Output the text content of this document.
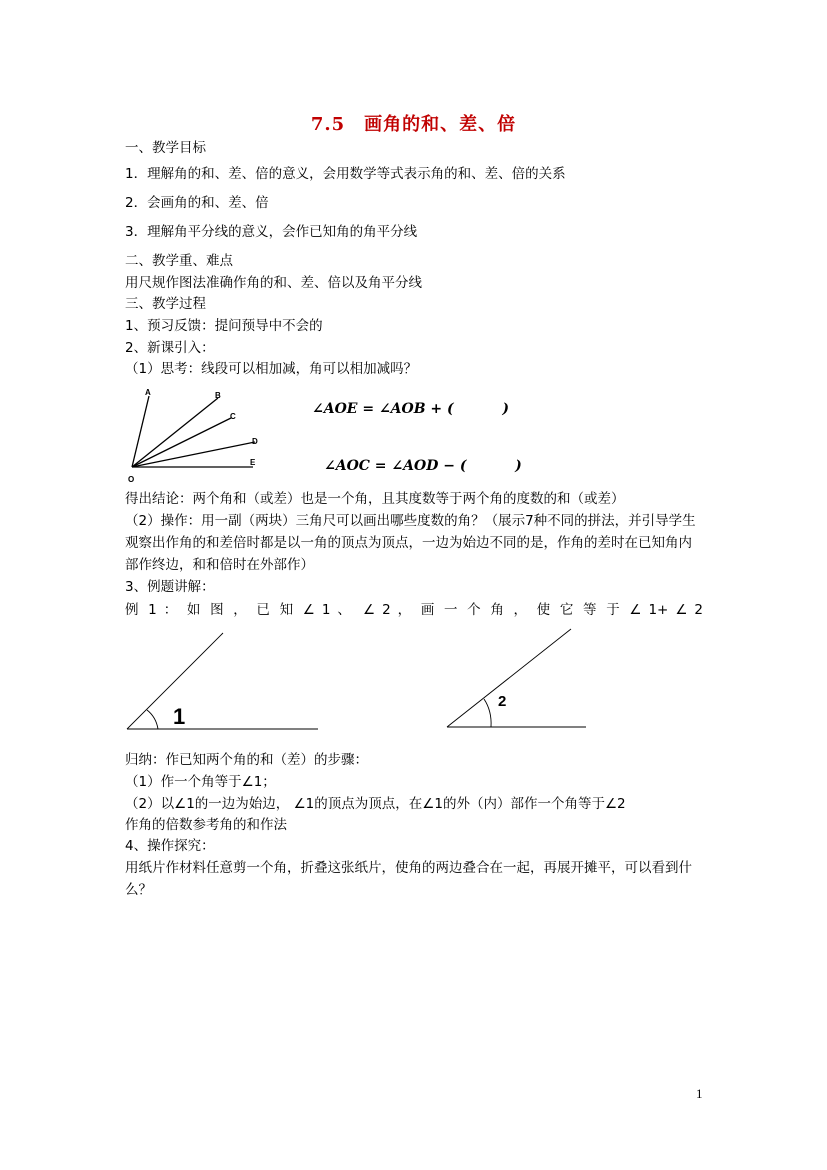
7.5　画角的和、差、倍
一、教学目标
1．理解角的和、差、倍的意义，会用数学等式表示角的和、差、倍的关系
2．会画角的和、差、倍
3．理解角平分线的意义，会作已知角的角平分线
二、教学重、难点
用尺规作图法准确作角的和、差、倍以及角平分线
三、教学过程
1、预习反馈：提问预导中不会的
2、新课引入：
（1）思考：线段可以相加减，角可以相加减吗？
A	B
C
D
E
O
∠AOE = ∠AOB + (          )
∠AOC = ∠AOD − (          )
得出结论：两个角和（或差）也是一个角，且其度数等于两个角的度数的和（或差）
（2）操作：用一副（两块）三角尺可以画出哪些度数的角？（展示7种不同的拼法，并引导学生观察出作角的和差倍时都是以一角的顶点为顶点，一边为始边不同的是，作角的差时在已知角内部作终边，和和倍时在外部作）
3、例题讲解：
例 1 ： 如 图 ， 已 知 ∠ 1 、　∠ 2 ， 画 一 个 角 ， 使 它 等 于 ∠ 1+ ∠ 2
1
2
归纳：作已知两个角的和（差）的步骤：
（1）作一个角等于∠1；
（2）以∠1的一边为始边， ∠1的顶点为顶点，在∠1的外（内）部作一个角等于∠2
作角的倍数参考角的和作法
4、操作探究：
用纸片作材料任意剪一个角，折叠这张纸片，使角的两边叠合在一起，再展开摊平，可以看到什么？
1
